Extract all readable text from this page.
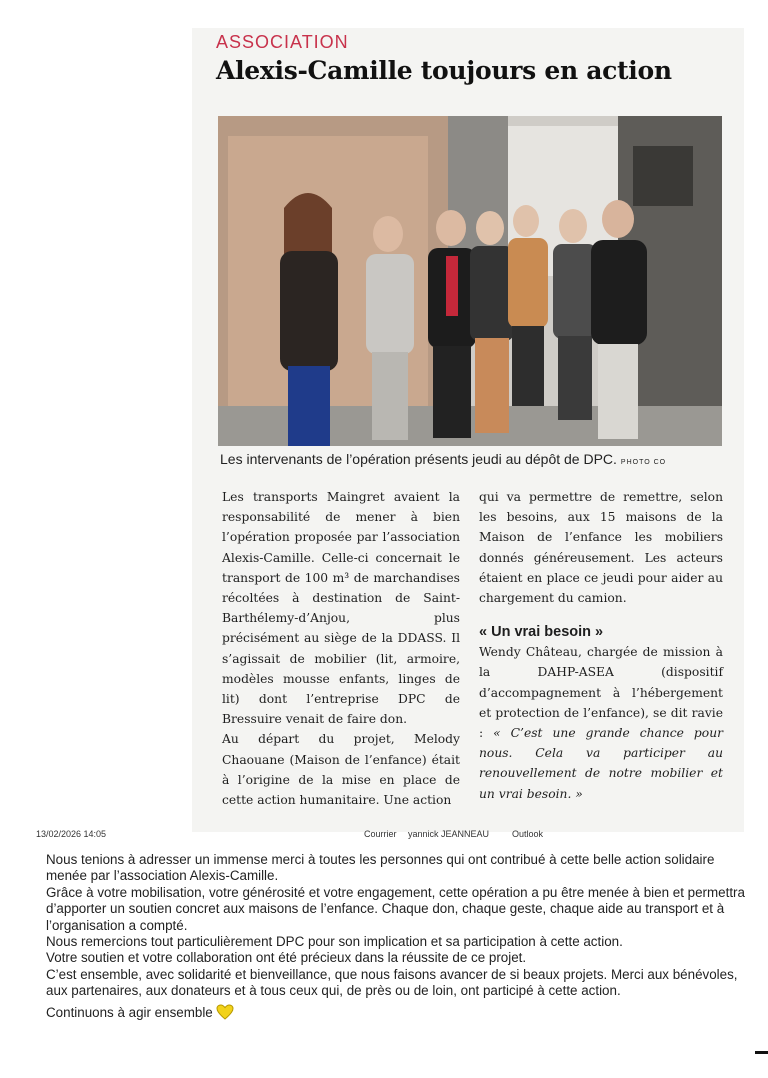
ASSOCIATION
Alexis-Camille toujours en action
Les intervenants de l’opération présents jeudi au dépôt de DPC. PHOTO CO

Les transports Maingret avaient la responsabilité de mener à bien l’opération proposée par l’association Alexis-Camille. Celle-ci concernait le transport de 100 m³ de marchandises récoltées à destination de Saint-Barthélemy-d’Anjou, plus précisément au siège de la DDASS. Il s’agissait de mobilier (lit, armoire, modèles mousse enfants, linges de lit) dont l’entreprise DPC de Bressuire venait de faire don.

Au départ du projet, Melody Chaouane (Maison de l’enfance) était à l’origine de la mise en place de cette action humanitaire. Une action

qui va permettre de remettre, selon les besoins, aux 15 maisons de la Maison de l’enfance les mobiliers donnés généreusement. Les acteurs étaient en place ce jeudi pour aider au chargement du camion.

« Un vrai besoin »

Wendy Château, chargée de mission à la DAHP-ASEA (dispositif d’accompagnement à l’hébergement et protection de l’enfance), se dit ravie : « C’est une grande chance pour nous. Cela va participer au renouvellement de notre mobilier et un vrai besoin. »

13/02/2026 14:05	Courrier yannick JEANNEAU	Outlook

Nous tenions à adresser un immense merci à toutes les personnes qui ont contribué à cette belle action solidaire menée par l’association Alexis-Camille.

Grâce à votre mobilisation, votre générosité et votre engagement, cette opération a pu être menée à bien et permettra d’apporter un soutien concret aux maisons de l’enfance. Chaque don, chaque geste, chaque aide au transport et à l’organisation a compté.

Nous remercions tout particulièrement DPC pour son implication et sa participation à cette action.

Votre soutien et votre collaboration ont été précieux dans la réussite de ce projet.

C’est ensemble, avec solidarité et bienveillance, que nous faisons avancer de si beaux projets. Merci aux bénévoles, aux partenaires, aux donateurs et à tous ceux qui, de près ou de loin, ont participé à cette action.

Continuons à agir ensemble
